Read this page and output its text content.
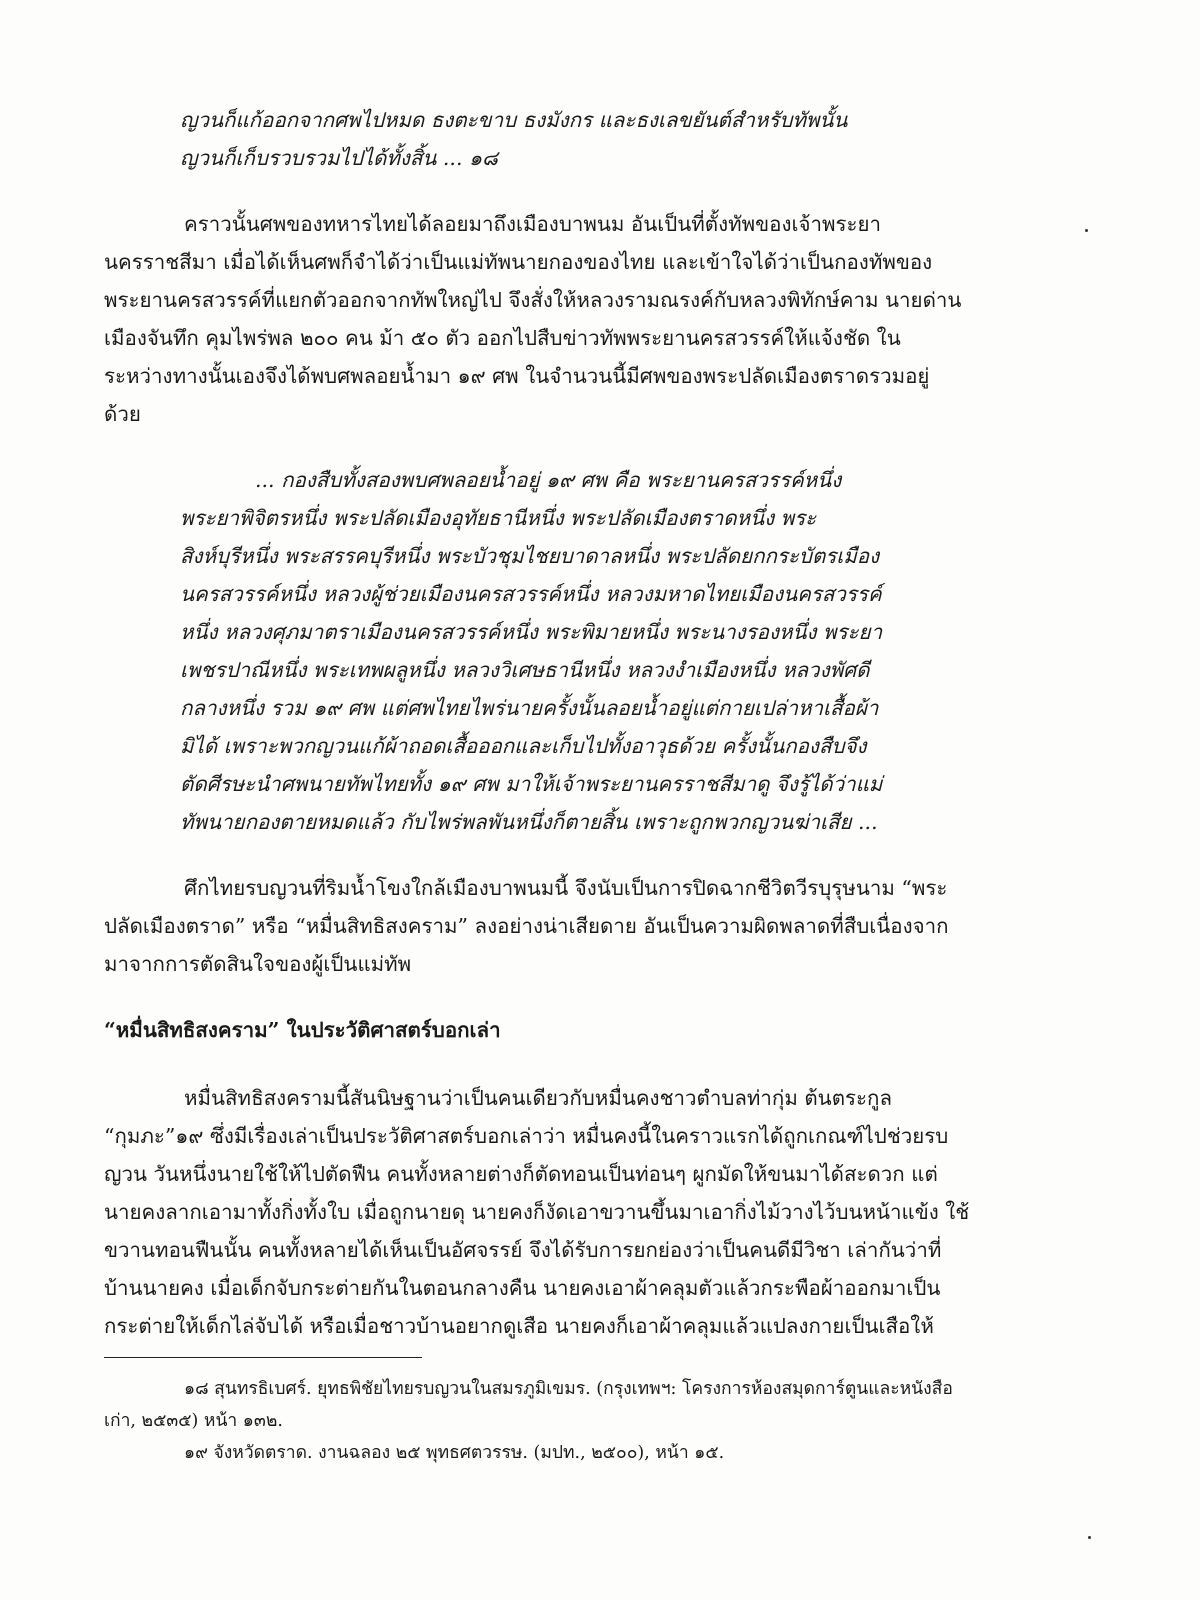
ญวนก็แก้ออกจากศพไปหมด ธงตะขาบ ธงมังกร และธงเลขยันต์สำหรับทัพนั้น
ญวนก็เก็บรวบรวมไปได้ทั้งสิ้น ... ๑๘
คราวนั้นศพของทหารไทยได้ลอยมาถึงเมืองบาพนม อันเป็นที่ตั้งทัพของเจ้าพระยา
นครราชสีมา เมื่อได้เห็นศพก็จำได้ว่าเป็นแม่ทัพนายกองของไทย และเข้าใจได้ว่าเป็นกองทัพของ
พระยานครสวรรค์ที่แยกตัวออกจากทัพใหญ่ไป จึงสั่งให้หลวงรามณรงค์กับหลวงพิทักษ์คาม นายด่าน
เมืองจันทึก คุมไพร่พล ๒๐๐ คน ม้า ๕๐ ตัว ออกไปสืบข่าวทัพพระยานครสวรรค์ให้แจ้งชัด ใน
ระหว่างทางนั้นเองจึงได้พบศพลอยน้ำมา ๑๙ ศพ ในจำนวนนี้มีศพของพระปลัดเมืองตราดรวมอยู่
ด้วย
... กองสืบทั้งสองพบศพลอยน้ำอยู่ ๑๙ ศพ คือ พระยานครสวรรค์หนึ่ง
พระยาพิจิตรหนึ่ง พระปลัดเมืองอุทัยธานีหนึ่ง พระปลัดเมืองตราดหนึ่ง พระ
สิงห์บุรีหนึ่ง พระสรรคบุรีหนึ่ง พระบัวชุมไชยบาดาลหนึ่ง พระปลัดยกกระบัตรเมือง
นครสวรรค์หนึ่ง หลวงผู้ช่วยเมืองนครสวรรค์หนึ่ง หลวงมหาดไทยเมืองนครสวรรค์
หนึ่ง หลวงศุภมาตราเมืองนครสวรรค์หนึ่ง พระพิมายหนึ่ง พระนางรองหนึ่ง พระยา
เพชรปาณีหนึ่ง พระเทพผลูหนึ่ง หลวงวิเศษธานีหนึ่ง หลวงงำเมืองหนึ่ง หลวงพัศดี
กลางหนึ่ง รวม ๑๙ ศพ แต่ศพไทยไพร่นายครั้งนั้นลอยน้ำอยู่แต่กายเปล่าหาเสื้อผ้า
มิได้ เพราะพวกญวนแก้ผ้าถอดเสื้อออกและเก็บไปทั้งอาวุธด้วย ครั้งนั้นกองสืบจึง
ตัดศีรษะนำศพนายทัพไทยทั้ง ๑๙ ศพ มาให้เจ้าพระยานครราชสีมาดู จึงรู้ได้ว่าแม่
ทัพนายกองตายหมดแล้ว กับไพร่พลพันหนึ่งก็ตายสิ้น เพราะถูกพวกญวนฆ่าเสีย ...
ศึกไทยรบญวนที่ริมน้ำโขงใกล้เมืองบาพนมนี้ จึงนับเป็นการปิดฉากชีวิตวีรบุรุษนาม “พระ
ปลัดเมืองตราด” หรือ “หมื่นสิทธิสงคราม” ลงอย่างน่าเสียดาย อันเป็นความผิดพลาดที่สืบเนื่องจาก
มาจากการตัดสินใจของผู้เป็นแม่ทัพ
“หมื่นสิทธิสงคราม” ในประวัติศาสตร์บอกเล่า
หมื่นสิทธิสงครามนี้สันนิษฐานว่าเป็นคนเดียวกับหมื่นคงชาวตำบลท่ากุ่ม ต้นตระกูล
“กุมภะ”๑๙ ซึ่งมีเรื่องเล่าเป็นประวัติศาสตร์บอกเล่าว่า หมื่นคงนี้ในคราวแรกได้ถูกเกณฑ์ไปช่วยรบ
ญวน วันหนึ่งนายใช้ให้ไปตัดฟืน คนทั้งหลายต่างก็ตัดทอนเป็นท่อนๆ ผูกมัดให้ขนมาได้สะดวก แต่
นายคงลากเอามาทั้งกิ่งทั้งใบ เมื่อถูกนายดุ นายคงก็งัดเอาขวานขึ้นมาเอากิ่งไม้วางไว้บนหน้าแข้ง ใช้
ขวานทอนฟืนนั้น คนทั้งหลายได้เห็นเป็นอัศจรรย์ จึงได้รับการยกย่องว่าเป็นคนดีมีวิชา เล่ากันว่าที่
บ้านนายคง เมื่อเด็กจับกระต่ายกันในตอนกลางคืน นายคงเอาผ้าคลุมตัวแล้วกระพือผ้าออกมาเป็น
กระต่ายให้เด็กไล่จับได้ หรือเมื่อชาวบ้านอยากดูเสือ นายคงก็เอาผ้าคลุมแล้วแปลงกายเป็นเสือให้
๑๘ สุนทรธิเบศร์. ยุทธพิชัยไทยรบญวนในสมรภูมิเขมร. (กรุงเทพฯ: โครงการห้องสมุดการ์ตูนและหนังสือ
เก่า, ๒๕๓๕) หน้า ๑๓๒.
๑๙ จังหวัดตราด. งานฉลอง ๒๕ พุทธศตวรรษ. (มปท., ๒๕๐๐), หน้า ๑๕.
